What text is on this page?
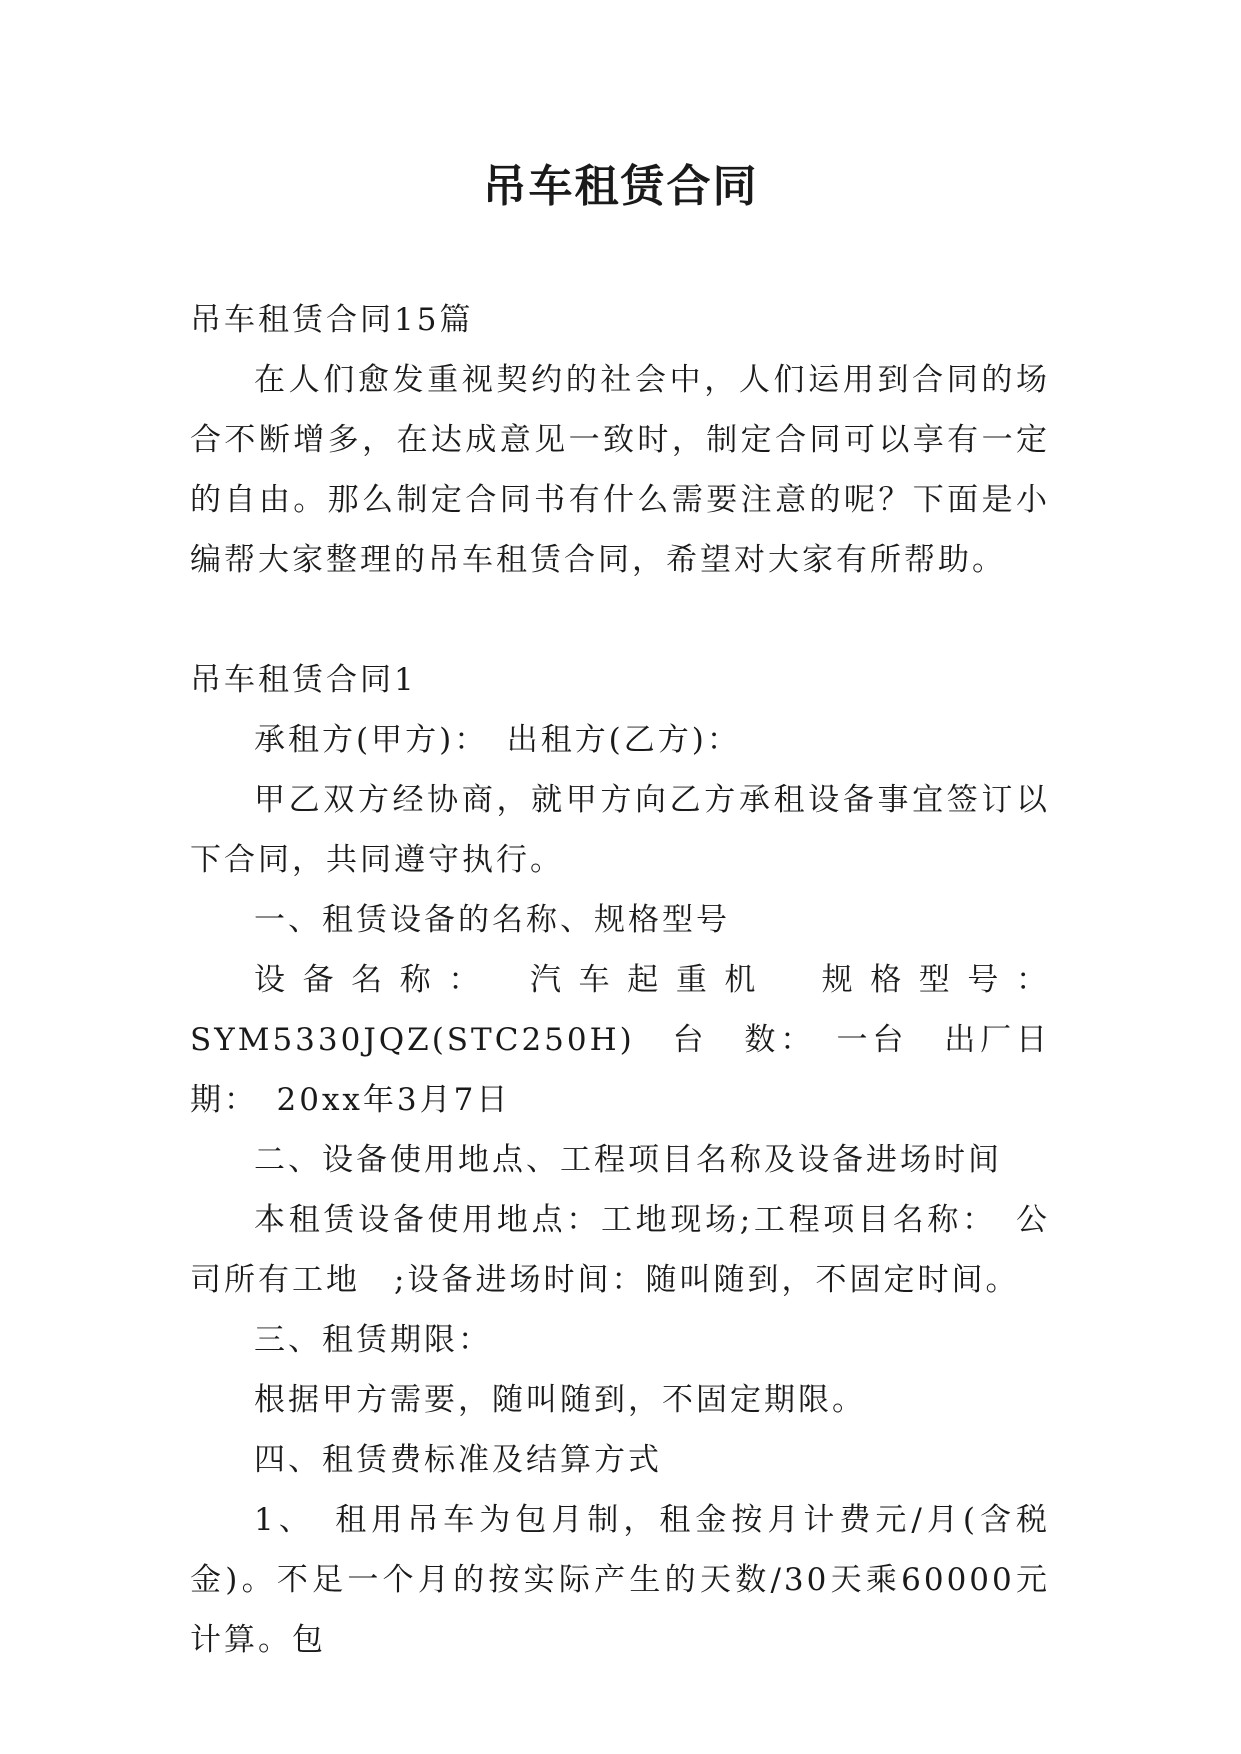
吊车租赁合同

吊车租赁合同15篇

在人们愈发重视契约的社会中，人们运用到合同的场合不断增多，在达成意见一致时，制定合同可以享有一定的自由。那么制定合同书有什么需要注意的呢？下面是小编帮大家整理的吊车租赁合同，希望对大家有所帮助。

吊车租赁合同1

承租方(甲方)：　出租方(乙方)：

甲乙双方经协商，就甲方向乙方承租设备事宜签订以下合同，共同遵守执行。

一、租赁设备的名称、规格型号

设备名称：　汽车起重机　规格型号：SYM5330JQZ(STC250H)　台　数：　一台　出厂日期：　20xx年3月7日

二、设备使用地点、工程项目名称及设备进场时间

本租赁设备使用地点：工地现场;工程项目名称：　公司所有工地　;设备进场时间：随叫随到，不固定时间。

三、租赁期限：

根据甲方需要，随叫随到，不固定期限。

四、租赁费标准及结算方式

1、　租用吊车为包月制，租金按月计费元/月(含税金)。不足一个月的按实际产生的天数/30天乘60000元计算。包
